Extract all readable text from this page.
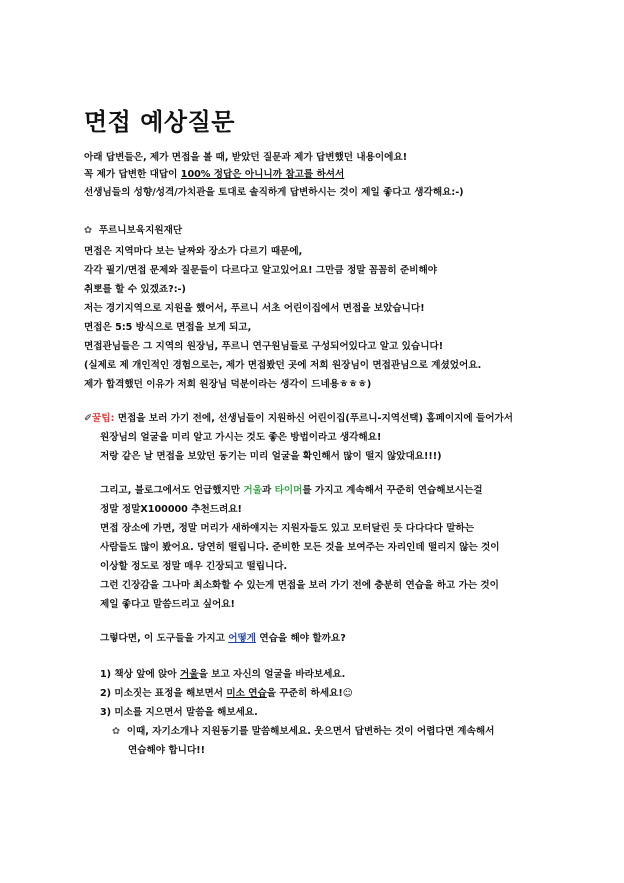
면접 예상질문
아래 답변들은, 제가 면접을 볼 때, 받았던 질문과 제가 답변했던 내용이에요!
꼭 제가 답변한 대답이 100% 정답은 아니니까 참고를 하셔서
선생님들의 성향/성격/가치관을 토대로 솔직하게 답변하시는 것이 제일 좋다고 생각해요:-)
✿ 푸르니보육지원재단
면접은 지역마다 보는 날짜와 장소가 다르기 때문에,
각각 필기/면접 문제와 질문들이 다르다고 알고있어요! 그만큼 정말 꼼꼼히 준비해야
취뽀를 할 수 있겠죠?:-)
저는 경기지역으로 지원을 했어서, 푸르니 서초 어린이집에서 면접을 보았습니다!
면접은 5:5 방식으로 면접을 보게 되고,
면접관님들은 그 지역의 원장님, 푸르니 연구원님들로 구성되어있다고 알고 있습니다!
(실제로 제 개인적인 경험으로는, 제가 면접봤던 곳에 저희 원장님이 면접관님으로 계셨었어요.
제가 합격했던 이유가 저희 원장님 덕분이라는 생각이 드네용ㅎㅎㅎ)
✐꿀팁: 면접을 보러 가기 전에, 선생님들이 지원하신 어린이집(푸르니-지역선택) 홈페이지에 들어가서
원장님의 얼굴을 미리 알고 가시는 것도 좋은 방법이라고 생각해요!
저랑 같은 날 면접을 보았던 동기는 미리 얼굴을 확인해서 많이 떨지 않았대요!!!)
그리고, 블로그에서도 언급했지만 거울과 타이머를 가지고 계속해서 꾸준히 연습해보시는걸
정말 정말X100000 추천드려요!
면접 장소에 가면, 정말 머리가 새하얘지는 지원자들도 있고 모터달린 듯 다다다다 말하는
사람들도 많이 봤어요. 당연히 떨립니다. 준비한 모든 것을 보여주는 자리인데 떨리지 않는 것이
이상할 정도로 정말 매우 긴장되고 떨립니다.
그런 긴장감을 그나마 최소화할 수 있는게 면접을 보러 가기 전에 충분히 연습을 하고 가는 것이
제일 좋다고 말씀드리고 싶어요!
그렇다면, 이 도구들을 가지고 어떻게 연습을 해야 할까요?
1) 책상 앞에 앉아 거울을 보고 자신의 얼굴을 바라보세요.
2) 미소짓는 표정을 해보면서 미소 연습을 꾸준히 하세요!☺
3) 미소를 지으면서 말씀을 해보세요.
✿ 이때, 자기소개나 지원동기를 말씀해보세요. 웃으면서 답변하는 것이 어렵다면 계속해서
연습해야 합니다!!
